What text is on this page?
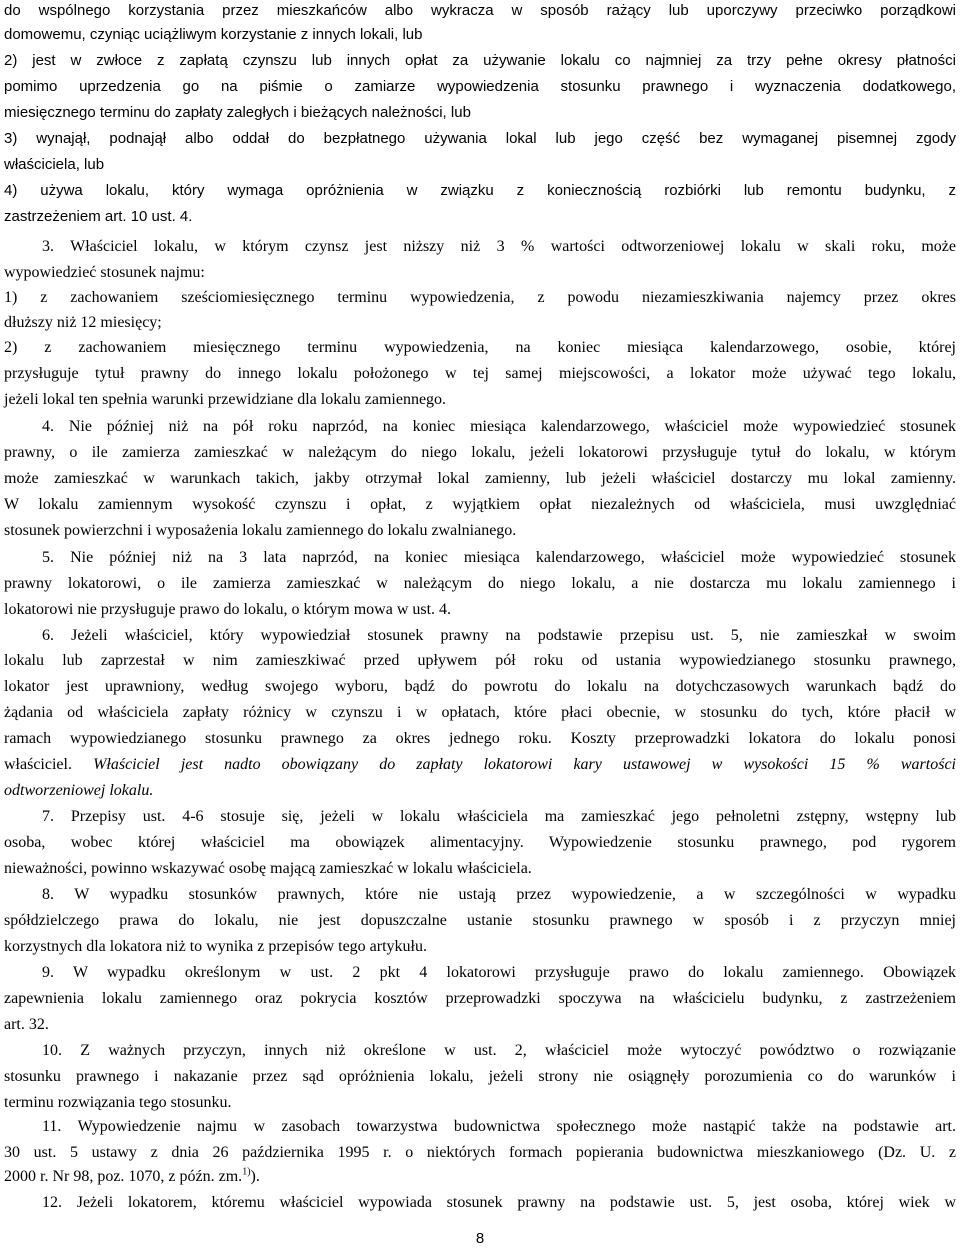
do wspólnego korzystania przez mieszkańców albo wykracza w sposób rażący lub uporczywy przeciwko porządkowi
domowemu, czyniąc uciążliwym korzystanie z innych lokali, lub
2) jest w zwłoce z zapłatą czynszu lub innych opłat za używanie lokalu co najmniej za trzy pełne okresy płatności
pomimo uprzedzenia go na piśmie o zamiarze wypowiedzenia stosunku prawnego i wyznaczenia dodatkowego,
miesięcznego terminu do zapłaty zaległych i bieżących należności, lub
3) wynajął, podnajął albo oddał do bezpłatnego używania lokal lub jego część bez wymaganej pisemnej zgody
właściciela, lub
4) używa lokalu, który wymaga opróżnienia w związku z koniecznością rozbiórki lub remontu budynku, z
zastrzeżeniem art. 10 ust. 4.
3. Właściciel lokalu, w którym czynsz jest niższy niż 3 % wartości odtworzeniowej lokalu w skali roku, może
wypowiedzieć stosunek najmu:
1) z zachowaniem sześciomiesięcznego terminu wypowiedzenia, z powodu niezamieszkiwania najemcy przez okres
dłuższy niż 12 miesięcy;
2) z zachowaniem miesięcznego terminu wypowiedzenia, na koniec miesiąca kalendarzowego, osobie, której
przysługuje tytuł prawny do innego lokalu położonego w tej samej miejscowości, a lokator może używać tego lokalu,
jeżeli lokal ten spełnia warunki przewidziane dla lokalu zamiennego.
4. Nie później niż na pół roku naprzód, na koniec miesiąca kalendarzowego, właściciel może wypowiedzieć stosunek
prawny, o ile zamierza zamieszkać w należącym do niego lokalu, jeżeli lokatorowi przysługuje tytuł do lokalu, w którym
może zamieszkać w warunkach takich, jakby otrzymał lokal zamienny, lub jeżeli właściciel dostarczy mu lokal zamienny.
W lokalu zamiennym wysokość czynszu i opłat, z wyjątkiem opłat niezależnych od właściciela, musi uwzględniać
stosunek powierzchni i wyposażenia lokalu zamiennego do lokalu zwalnianego.
5. Nie później niż na 3 lata naprzód, na koniec miesiąca kalendarzowego, właściciel może wypowiedzieć stosunek
prawny lokatorowi, o ile zamierza zamieszkać w należącym do niego lokalu, a nie dostarcza mu lokalu zamiennego i
lokatorowi nie przysługuje prawo do lokalu, o którym mowa w ust. 4.
6. Jeżeli właściciel, który wypowiedział stosunek prawny na podstawie przepisu ust. 5, nie zamieszkał w swoim
lokalu lub zaprzestał w nim zamieszkiwać przed upływem pół roku od ustania wypowiedzianego stosunku prawnego,
lokator jest uprawniony, według swojego wyboru, bądź do powrotu do lokalu na dotychczasowych warunkach bądź do
żądania od właściciela zapłaty różnicy w czynszu i w opłatach, które płaci obecnie, w stosunku do tych, które płacił w
ramach wypowiedzianego stosunku prawnego za okres jednego roku. Koszty przeprowadzki lokatora do lokalu ponosi
właściciel. Właściciel jest nadto obowiązany do zapłaty lokatorowi kary ustawowej w wysokości 15 % wartości
odtworzeniowej lokalu.
7. Przepisy ust. 4-6 stosuje się, jeżeli w lokalu właściciela ma zamieszkać jego pełnoletni zstępny, wstępny lub
osoba, wobec której właściciel ma obowiązek alimentacyjny. Wypowiedzenie stosunku prawnego, pod rygorem
nieważności, powinno wskazywać osobę mającą zamieszkać w lokalu właściciela.
8. W wypadku stosunków prawnych, które nie ustają przez wypowiedzenie, a w szczególności w wypadku
spółdzielczego prawa do lokalu, nie jest dopuszczalne ustanie stosunku prawnego w sposób i z przyczyn mniej
korzystnych dla lokatora niż to wynika z przepisów tego artykułu.
9. W wypadku określonym w ust. 2 pkt 4 lokatorowi przysługuje prawo do lokalu zamiennego. Obowiązek
zapewnienia lokalu zamiennego oraz pokrycia kosztów przeprowadzki spoczywa na właścicielu budynku, z zastrzeżeniem
art. 32.
10. Z ważnych przyczyn, innych niż określone w ust. 2, właściciel może wytoczyć powództwo o rozwiązanie
stosunku prawnego i nakazanie przez sąd opróżnienia lokalu, jeżeli strony nie osiągnęły porozumienia co do warunków i
terminu rozwiązania tego stosunku.
11. Wypowiedzenie najmu w zasobach towarzystwa budownictwa społecznego może nastąpić także na podstawie art.
30 ust. 5 ustawy z dnia 26 października 1995 r. o niektórych formach popierania budownictwa mieszkaniowego (Dz. U. z
2000 r. Nr 98, poz. 1070, z późn. zm.$^{1)}$).
12. Jeżeli lokatorem, któremu właściciel wypowiada stosunek prawny na podstawie ust. 5, jest osoba, której wiek w
8
